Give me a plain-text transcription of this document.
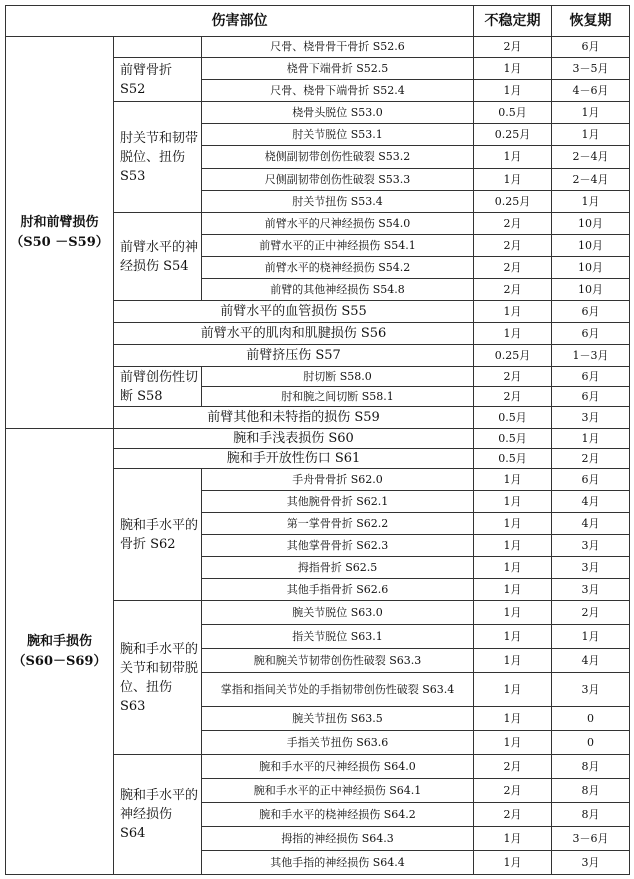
伤害部位			不稳定期	恢复期
肘和前臂损伤（S50 －S59）		尺骨、桡骨骨干骨折 S52.6	2月	6月
	前臂骨折 S52	桡骨下端骨折 S52.5	1月	3－5月
		尺骨、桡骨下端骨折 S52.4	1月	4－6月
	肘关节和韧带脱位、扭伤 S53	桡骨头脱位 S53.0	0.5月	1月
		肘关节脱位 S53.1	0.25月	1月
		桡侧副韧带创伤性破裂 S53.2	1月	2－4月
		尺侧副韧带创伤性破裂 S53.3	1月	2－4月
		肘关节扭伤 S53.4	0.25月	1月
	前臂水平的神经损伤 S54	前臂水平的尺神经损伤 S54.0	2月	10月
		前臂水平的正中神经损伤 S54.1	2月	10月
		前臂水平的桡神经损伤 S54.2	2月	10月
		前臂的其他神经损伤 S54.8	2月	10月
	前臂水平的血管损伤 S55		1月	6月
	前臂水平的肌肉和肌腱损伤 S56		1月	6月
	前臂挤压伤 S57		0.25月	1－3月
	前臂创伤性切断 S58	肘切断 S58.0	2月	6月
		肘和腕之间切断 S58.1	2月	6月
	前臂其他和未特指的损伤 S59		0.5月	3月
腕和手损伤（S60－S69）	腕和手浅表损伤 S60		0.5月	1月
	腕和手开放性伤口 S61		0.5月	2月
	腕和手水平的骨折 S62	手舟骨骨折 S62.0	1月	6月
		其他腕骨骨折 S62.1	1月	4月
		第一掌骨骨折 S62.2	1月	4月
		其他掌骨骨折 S62.3	1月	3月
		拇指骨折 S62.5	1月	3月
		其他手指骨折 S62.6	1月	3月
	腕和手水平的关节和韧带脱位、扭伤 S63	腕关节脱位 S63.0	1月	2月
		指关节脱位 S63.1	1月	1月
		腕和腕关节韧带创伤性破裂 S63.3	1月	4月
		掌指和指间关节处的手指韧带创伤性破裂 S63.4	1月	3月
		腕关节扭伤 S63.5	1月	0
		手指关节扭伤 S63.6	1月	0
	腕和手水平的神经损伤 S64	腕和手水平的尺神经损伤 S64.0	2月	8月
		腕和手水平的正中神经损伤 S64.1	2月	8月
		腕和手水平的桡神经损伤 S64.2	2月	8月
		拇指的神经损伤 S64.3	1月	3－6月
		其他手指的神经损伤 S64.4	1月	3月
